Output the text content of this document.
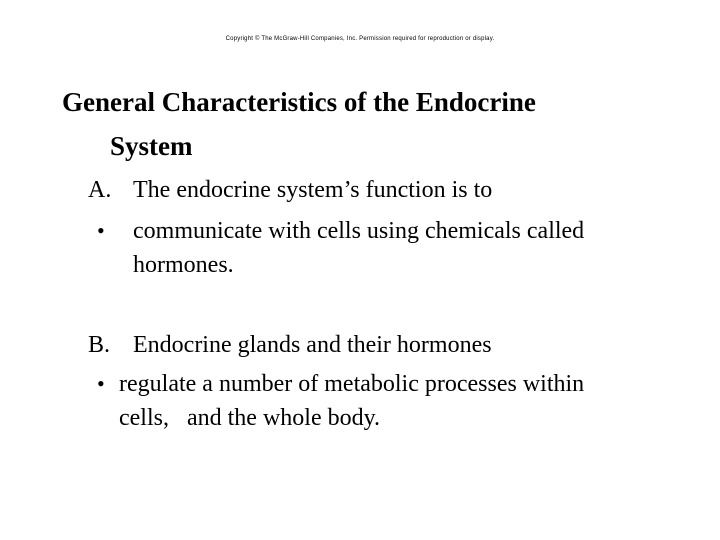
Copyright © The McGraw-Hill Companies, Inc. Permission required for reproduction or display.
General Characteristics of the Endocrine
System
A. The endocrine system’s function is to
• communicate with cells using chemicals called
hormones.
B. Endocrine glands and their hormones
• regulate a number of metabolic processes within
cells,   and the whole body.
